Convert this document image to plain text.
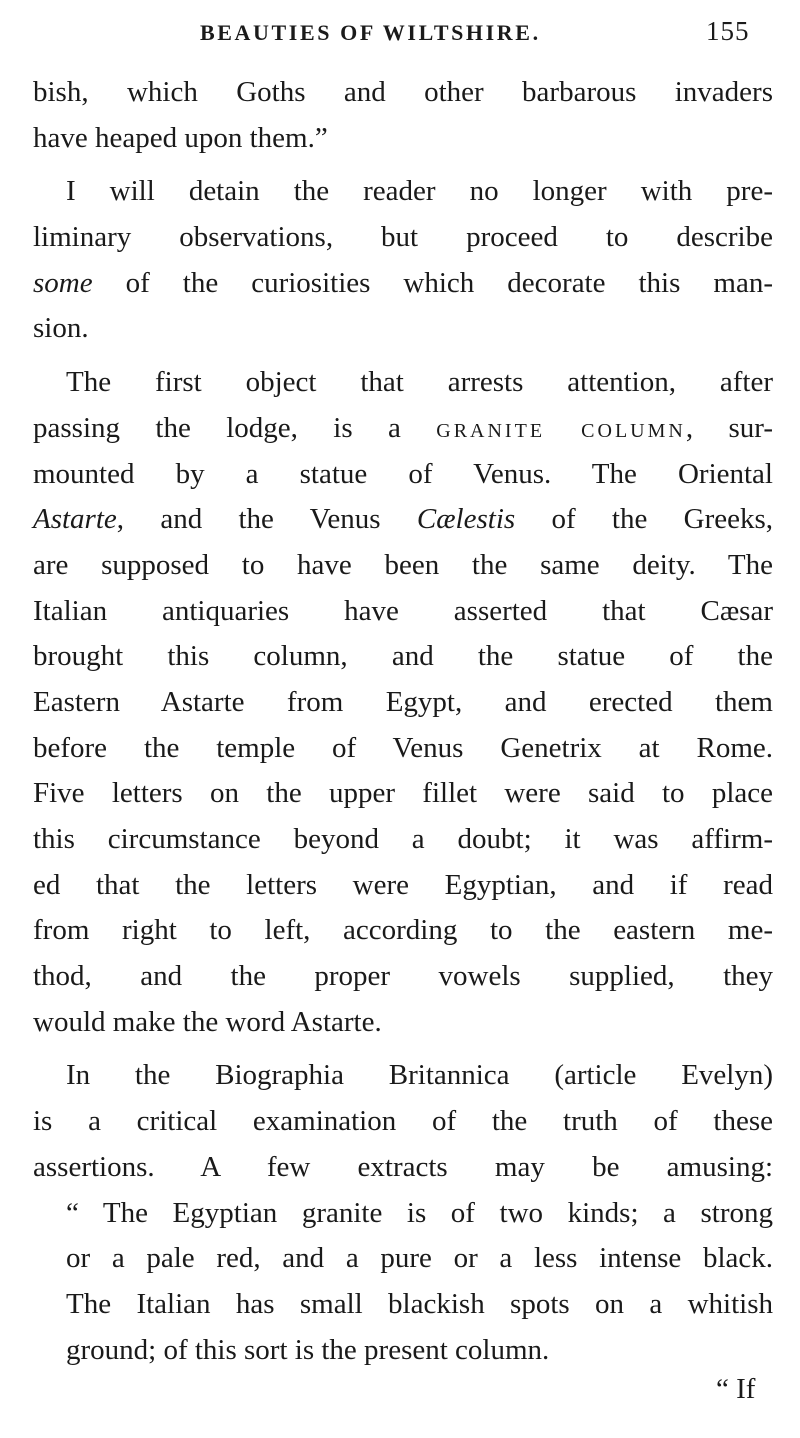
BEAUTIES OF WILTSHIRE.	155
bish, which Goths and other barbarous invaders
have heaped upon them.”
I will detain the reader no longer with pre-
liminary observations, but proceed to describe
some of the curiosities which decorate this man-
sion.
The first object that arrests attention, after
passing the lodge, is a GRANITE COLUMN, sur-
mounted by a statue of Venus. The Oriental
Astarte, and the Venus Cælestis of the Greeks,
are supposed to have been the same deity. The
Italian antiquaries have asserted that Cæsar
brought this column, and the statue of the
Eastern Astarte from Egypt, and erected them
before the temple of Venus Genetrix at Rome.
Five letters on the upper fillet were said to place
this circumstance beyond a doubt; it was affirm-
ed that the letters were Egyptian, and if read
from right to left, according to the eastern me-
thod, and the proper vowels supplied, they
would make the word Astarte.
In the Biographia Britannica (article Evelyn)
is a critical examination of the truth of these
assertions. A few extracts may be amusing:
“ The Egyptian granite is of two kinds; a strong
or a pale red, and a pure or a less intense black.
The Italian has small blackish spots on a whitish
ground; of this sort is the present column.
“ If
